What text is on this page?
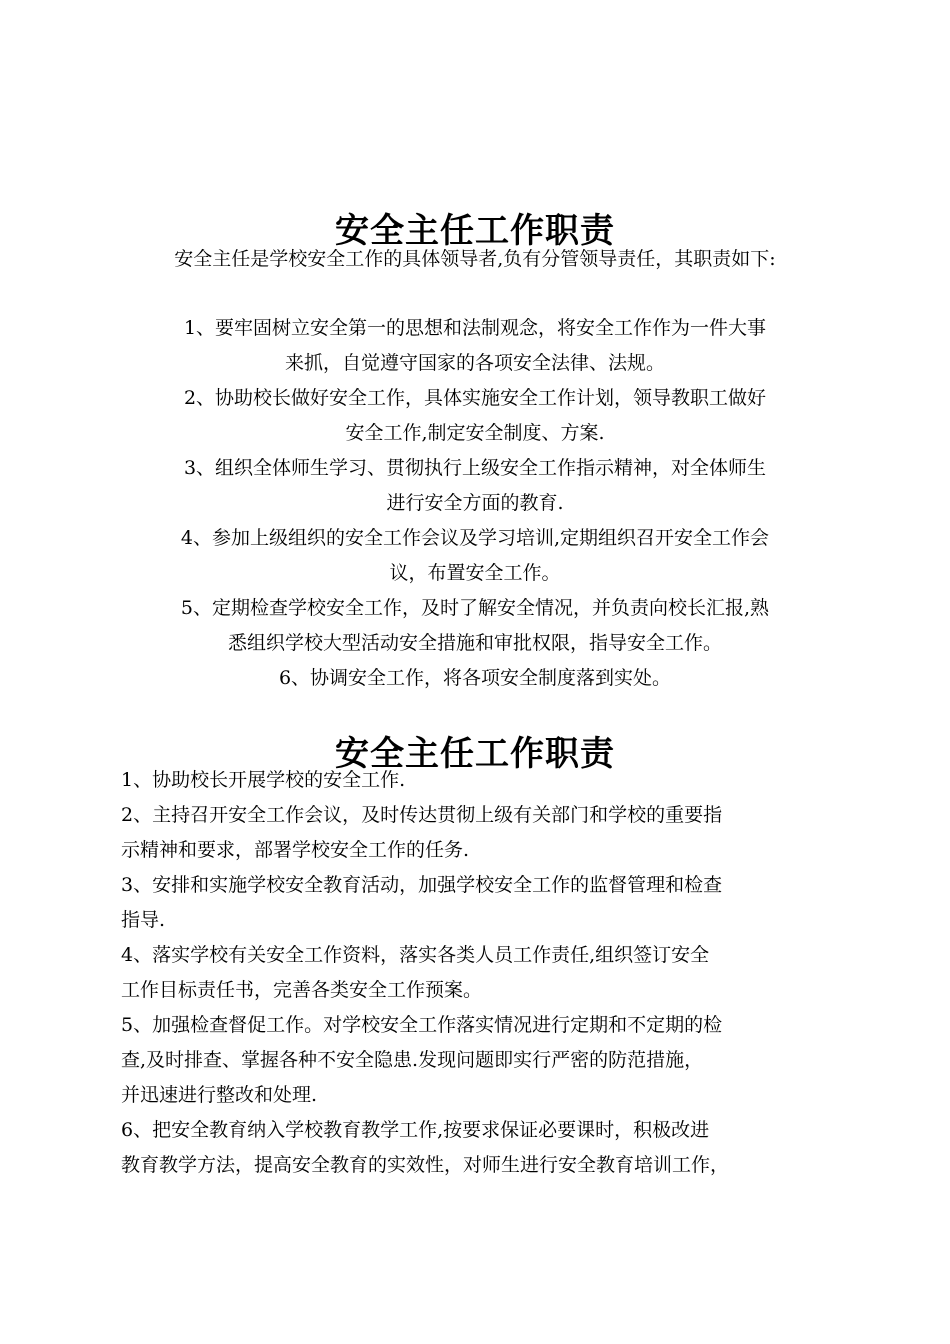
安全主任工作职责

安全主任是学校安全工作的具体领导者,负有分管领导责任，其职责如下:

1、要牢固树立安全第一的思想和法制观念，将安全工作作为一件大事

来抓，自觉遵守国家的各项安全法律、法规。

2、协助校长做好安全工作，具体实施安全工作计划，领导教职工做好

安全工作,制定安全制度、方案.

3、组织全体师生学习、贯彻执行上级安全工作指示精神，对全体师生

进行安全方面的教育.

4、参加上级组织的安全工作会议及学习培训,定期组织召开安全工作会

议，布置安全工作。

5、定期检查学校安全工作，及时了解安全情况，并负责向校长汇报,熟

悉组织学校大型活动安全措施和审批权限，指导安全工作。

6、协调安全工作，将各项安全制度落到实处。

安全主任工作职责

1、协助校长开展学校的安全工作.

2、主持召开安全工作会议，及时传达贯彻上级有关部门和学校的重要指

示精神和要求，部署学校安全工作的任务.

3、安排和实施学校安全教育活动，加强学校安全工作的监督管理和检查

指导.

4、落实学校有关安全工作资料，落实各类人员工作责任,组织签订安全

工作目标责任书，完善各类安全工作预案。

5、加强检查督促工作。对学校安全工作落实情况进行定期和不定期的检

查,及时排查、掌握各种不安全隐患.发现问题即实行严密的防范措施，

并迅速进行整改和处理.

6、把安全教育纳入学校教育教学工作,按要求保证必要课时，积极改进

教育教学方法，提高安全教育的实效性，对师生进行安全教育培训工作，
